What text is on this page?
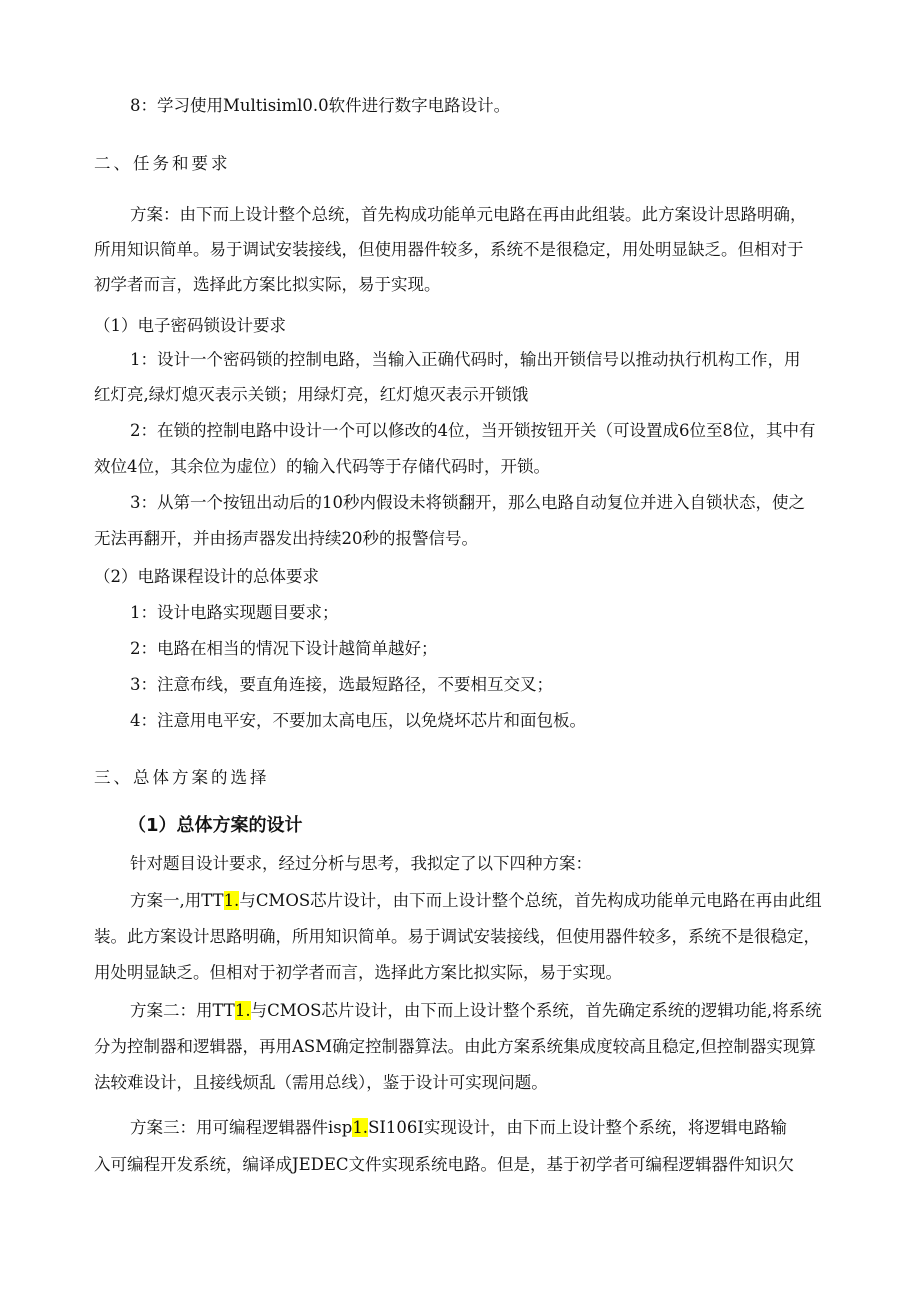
8：学习使用Multisiml0.0软件进行数字电路设计。
二、任务和要求
方案：由下而上设计整个总统，首先构成功能单元电路在再由此组装。此方案设计思路明确，
所用知识简单。易于调试安装接线，但使用器件较多，系统不是很稳定，用处明显缺乏。但相对于
初学者而言，选择此方案比拟实际，易于实现。
（1）电子密码锁设计要求
1：设计一个密码锁的控制电路，当输入正确代码时，输出开锁信号以推动执行机构工作，用
红灯亮,绿灯熄灭表示关锁；用绿灯亮，红灯熄灭表示开锁饿
2：在锁的控制电路中设计一个可以修改的4位，当开锁按钮开关（可设置成6位至8位，其中有
效位4位，其余位为虚位）的输入代码等于存储代码时，开锁。
3：从第一个按钮出动后的10秒内假设未将锁翻开，那么电路自动复位并进入自锁状态，使之
无法再翻开，并由扬声器发出持续20秒的报警信号。
（2）电路课程设计的总体要求
1：设计电路实现题目要求；
2：电路在相当的情况下设计越简单越好；
3：注意布线，要直角连接，选最短路径，不要相互交叉；
4：注意用电平安，不要加太高电压，以免烧坏芯片和面包板。
三、总体方案的选择
（1）总体方案的设计
针对题目设计要求，经过分析与思考，我拟定了以下四种方案：
方案一,用TT1.与CMOS芯片设计，由下而上设计整个总统，首先构成功能单元电路在再由此组
装。此方案设计思路明确，所用知识简单。易于调试安装接线，但使用器件较多，系统不是很稳定，
用处明显缺乏。但相对于初学者而言，选择此方案比拟实际，易于实现。
方案二：用TT1.与CMOS芯片设计，由下而上设计整个系统，首先确定系统的逻辑功能,将系统
分为控制器和逻辑器，再用ASM确定控制器算法。由此方案系统集成度较高且稳定,但控制器实现算
法较难设计，且接线烦乱（需用总线），鉴于设计可实现问题。
方案三：用可编程逻辑器件isp1.SI106I实现设计，由下而上设计整个系统，将逻辑电路输
入可编程开发系统，编译成JEDEC文件实现系统电路。但是，基于初学者可编程逻辑器件知识欠
